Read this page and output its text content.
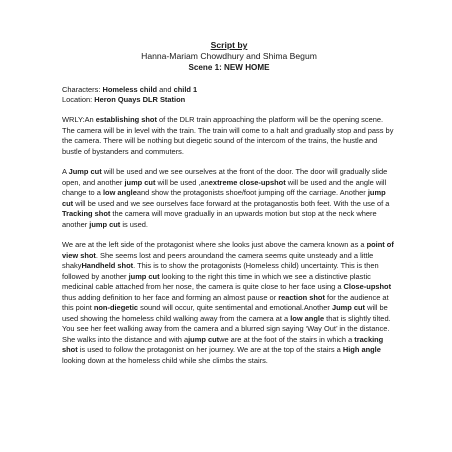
Script by
Hanna-Mariam Chowdhury and Shima Begum
Scene 1: NEW HOME
Characters: Homeless child and child 1
Location: Heron Quays DLR Station
WRLY:An establishing shot of the DLR train approaching the platform will be the opening scene. The camera will be in level with the train. The train will come to a halt and gradually stop and pass by the camera. There will be nothing but diegetic sound of the intercom of the trains, the hustle and bustle of bystanders and commuters.
A Jump cut will be used and we see ourselves at the front of the door. The door will gradually slide open, and another jump cut will be used ,anextreme close-upshot will be used and the angle will change to a low angleand show the protagonists shoe/foot jumping off the carriage. Another jump cut will be used and we see ourselves face forward at the protaganostis both feet. With the use of a Tracking shot the camera will move gradually in an upwards motion but stop at the neck where another jump cut is used.
We are at the left side of the protagonist where she looks just above the camera known as a point of view shot. She seems lost and peers aroundand the camera seems quite unsteady and a little shakyHandheld shot. This is to show the protagonists (Homeless child) uncertainty. This is then followed by another jump cut looking to the right this time in which we see a distinctive plastic medicinal cable attached from her nose, the camera is quite close to her face using a Close-upshot thus adding definition to her face and forming an almost pause or reaction shot for the audience at this point non-diegetic sound will occur, quite sentimental and emotional.Another Jump cut will be used showing the homeless child walking away from the camera at a low angle that is slightly tilted. You see her feet walking away from the camera and a blurred sign saying ‘Way Out’ in the distance. She walks into the distance and with ajump cutwe are at the foot of the stairs in which a tracking shot is used to follow the protagonist on her journey. We are at the top of the stairs a High angle looking down at the homeless child while she climbs the stairs.
